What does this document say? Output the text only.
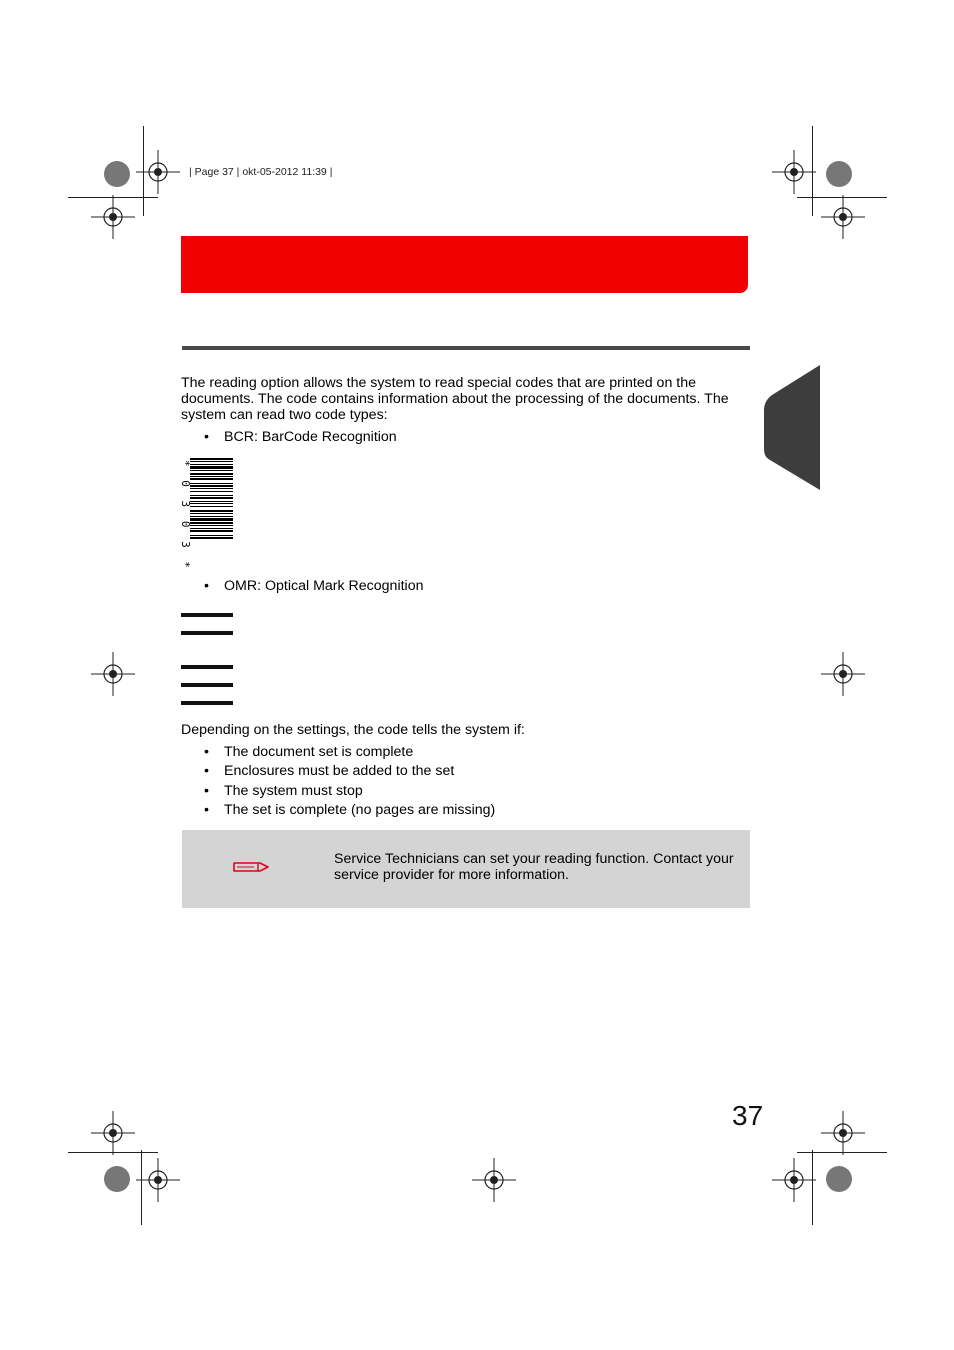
| Page 37 | okt-05-2012 11:39 |
The reading option allows the system to read special codes that are printed on the documents. The code contains information about the processing of the documents. The system can read two code types:
• BCR: BarCode Recognition
*0303*
• OMR: Optical Mark Recognition
Depending on the settings, the code tells the system if:
• The document set is complete
• Enclosures must be added to the set
• The system must stop
• The set is complete (no pages are missing)
Service Technicians can set your reading function. Contact your service provider for more information.
37
